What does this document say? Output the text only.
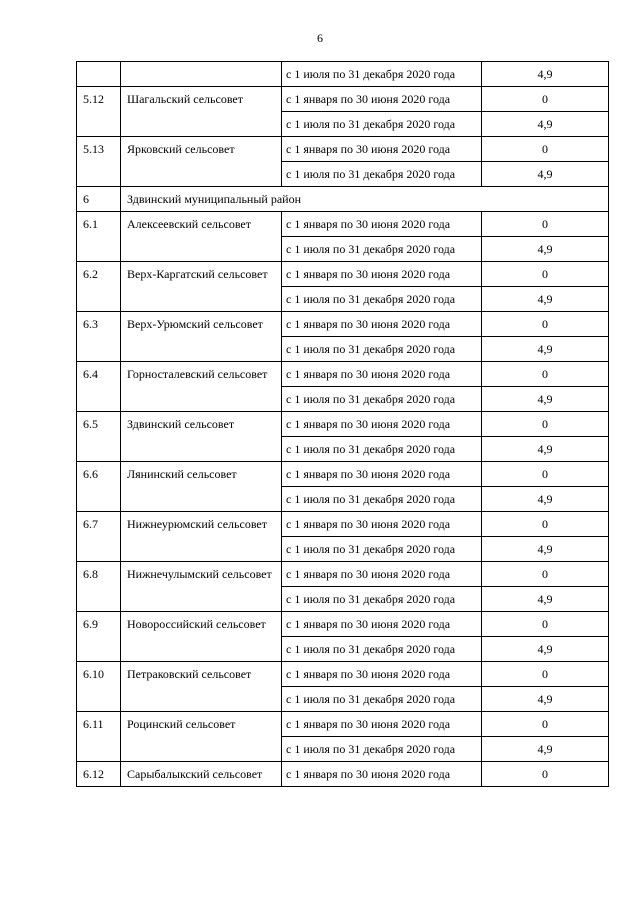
6
		с 1 июля по 31 декабря 2020 года	4,9
5.12	Шагальский сельсовет	с 1 января по 30 июня 2020 года	0
		с 1 июля по 31 декабря 2020 года	4,9
5.13	Ярковский сельсовет	с 1 января по 30 июня 2020 года	0
		с 1 июля по 31 декабря 2020 года	4,9
6	Здвинский муниципальный район		
6.1	Алексеевский сельсовет	с 1 января по 30 июня 2020 года	0
		с 1 июля по 31 декабря 2020 года	4,9
6.2	Верх-Каргатский сельсовет	с 1 января по 30 июня 2020 года	0
		с 1 июля по 31 декабря 2020 года	4,9
6.3	Верх-Урюмский сельсовет	с 1 января по 30 июня 2020 года	0
		с 1 июля по 31 декабря 2020 года	4,9
6.4	Горносталевский сельсовет	с 1 января по 30 июня 2020 года	0
		с 1 июля по 31 декабря 2020 года	4,9
6.5	Здвинский сельсовет	с 1 января по 30 июня 2020 года	0
		с 1 июля по 31 декабря 2020 года	4,9
6.6	Лянинский сельсовет	с 1 января по 30 июня 2020 года	0
		с 1 июля по 31 декабря 2020 года	4,9
6.7	Нижнеурюмский сельсовет	с 1 января по 30 июня 2020 года	0
		с 1 июля по 31 декабря 2020 года	4,9
6.8	Нижнечулымский сельсовет	с 1 января по 30 июня 2020 года	0
		с 1 июля по 31 декабря 2020 года	4,9
6.9	Новороссийский сельсовет	с 1 января по 30 июня 2020 года	0
		с 1 июля по 31 декабря 2020 года	4,9
6.10	Петраковский сельсовет	с 1 января по 30 июня 2020 года	0
		с 1 июля по 31 декабря 2020 года	4,9
6.11	Роцинский сельсовет	с 1 января по 30 июня 2020 года	0
		с 1 июля по 31 декабря 2020 года	4,9
6.12	Сарыбалыкский сельсовет	с 1 января по 30 июня 2020 года	0
